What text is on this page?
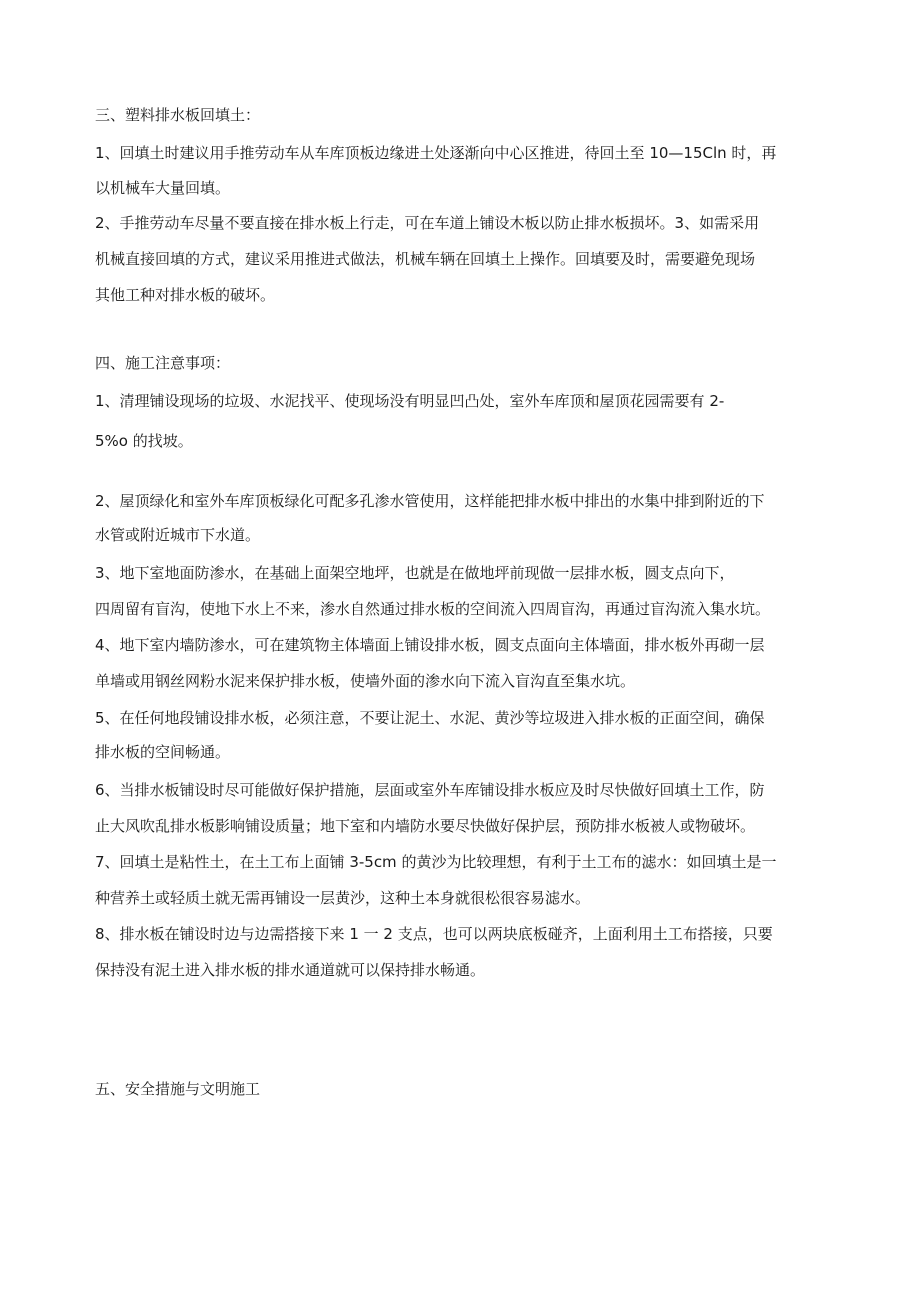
三、塑料排水板回填土：
1、回填土时建议用手推劳动车从车库顶板边缘进土处逐渐向中心区推进，待回土至 10—15Cln 时，再
以机械车大量回填。
2、手推劳动车尽量不要直接在排水板上行走，可在车道上铺设木板以防止排水板损坏。3、如需采用
机械直接回填的方式，建议采用推进式做法，机械车辆在回填土上操作。回填要及时，需要避免现场
其他工种对排水板的破坏。
四、施工注意事项：
1、清理铺设现场的垃圾、水泥找平、使现场没有明显凹凸处，室外车库顶和屋顶花园需要有 2-
5%o 的找坡。
2、屋顶绿化和室外车库顶板绿化可配多孔渗水管使用，这样能把排水板中排出的水集中排到附近的下
水管或附近城市下水道。
3、地下室地面防渗水，在基础上面架空地坪，也就是在做地坪前现做一层排水板，圆支点向下，
四周留有盲沟，使地下水上不来，渗水自然通过排水板的空间流入四周盲沟，再通过盲沟流入集水坑。
4、地下室内墙防渗水，可在建筑物主体墙面上铺设排水板，圆支点面向主体墙面，排水板外再砌一层
单墙或用钢丝网粉水泥来保护排水板，使墙外面的渗水向下流入盲沟直至集水坑。
5、在任何地段铺设排水板，必须注意，不要让泥土、水泥、黄沙等垃圾进入排水板的正面空间，确保
排水板的空间畅通。
6、当排水板铺设时尽可能做好保护措施，层面或室外车库铺设排水板应及时尽快做好回填土工作，防
止大风吹乱排水板影响铺设质量；地下室和内墙防水要尽快做好保护层，预防排水板被人或物破坏。
7、回填土是粘性土，在土工布上面铺 3-5cm 的黄沙为比较理想，有利于土工布的滤水：如回填土是一
种营养土或轻质土就无需再铺设一层黄沙，这种土本身就很松很容易滤水。
8、排水板在铺设时边与边需搭接下来 1 一 2 支点，也可以两块底板碰齐，上面利用土工布搭接，只要
保持没有泥土进入排水板的排水通道就可以保持排水畅通。
五、安全措施与文明施工
